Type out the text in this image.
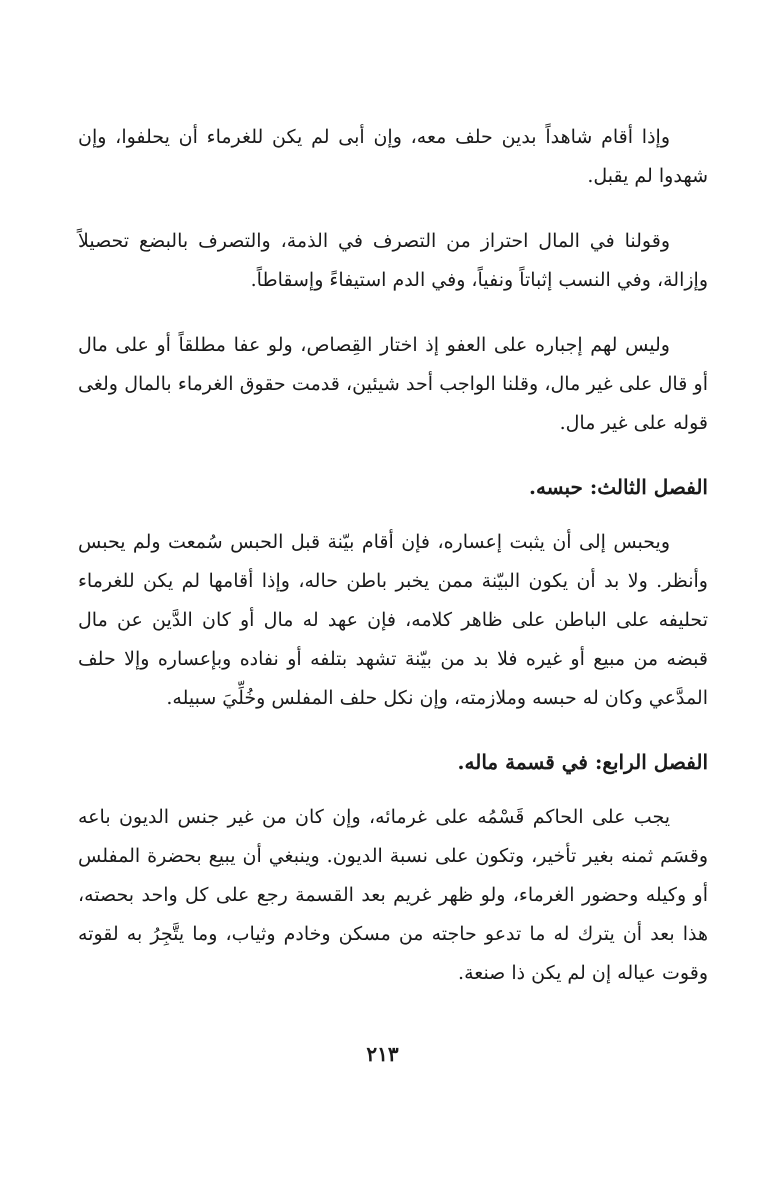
وإذا أقام شاهداً بدين حلف معه، وإن أبى لم يكن للغرماء أن يحلفوا، وإن شهدوا لم يقبل.

وقولنا في المال احتراز من التصرف في الذمة، والتصرف بالبضع تحصيلاً وإزالة، وفي النسب إثباتاً ونفياً، وفي الدم استيفاءً وإسقاطاً.

وليس لهم إجباره على العفو إذ اختار القِصاص، ولو عفا مطلقاً أو على مال أو قال على غير مال، وقلنا الواجب أحد شيئين، قدمت حقوق الغرماء بالمال ولغى قوله على غير مال.

الفصل الثالث: حبسه.

ويحبس إلى أن يثبت إعساره، فإن أقام بيّنة قبل الحبس سُمعت ولم يحبس وأنظر. ولا بد أن يكون البيّنة ممن يخبر باطن حاله، وإذا أقامها لم يكن للغرماء تحليفه على الباطن على ظاهر كلامه، فإن عهد له مال أو كان الدَّين عن مال قبضه من مبيع أو غيره فلا بد من بيّنة تشهد بتلفه أو نفاده وبإعساره وإلا حلف المدَّعي وكان له حبسه وملازمته، وإن نكل حلف المفلس وخُلِّيَ سبيله.

الفصل الرابع: في قسمة ماله.

يجب على الحاكم قَسْمُه على غرمائه، وإن كان من غير جنس الديون باعه وقسَم ثمنه بغير تأخير، وتكون على نسبة الديون. وينبغي أن يبيع بحضرة المفلس أو وكيله وحضور الغرماء، ولو ظهر غريم بعد القسمة رجع على كل واحد بحصته، هذا بعد أن يترك له ما تدعو حاجته من مسكن وخادم وثياب، وما يتَّجِرُ به لقوته وقوت عياله إن لم يكن ذا صنعة.

٢١٣
